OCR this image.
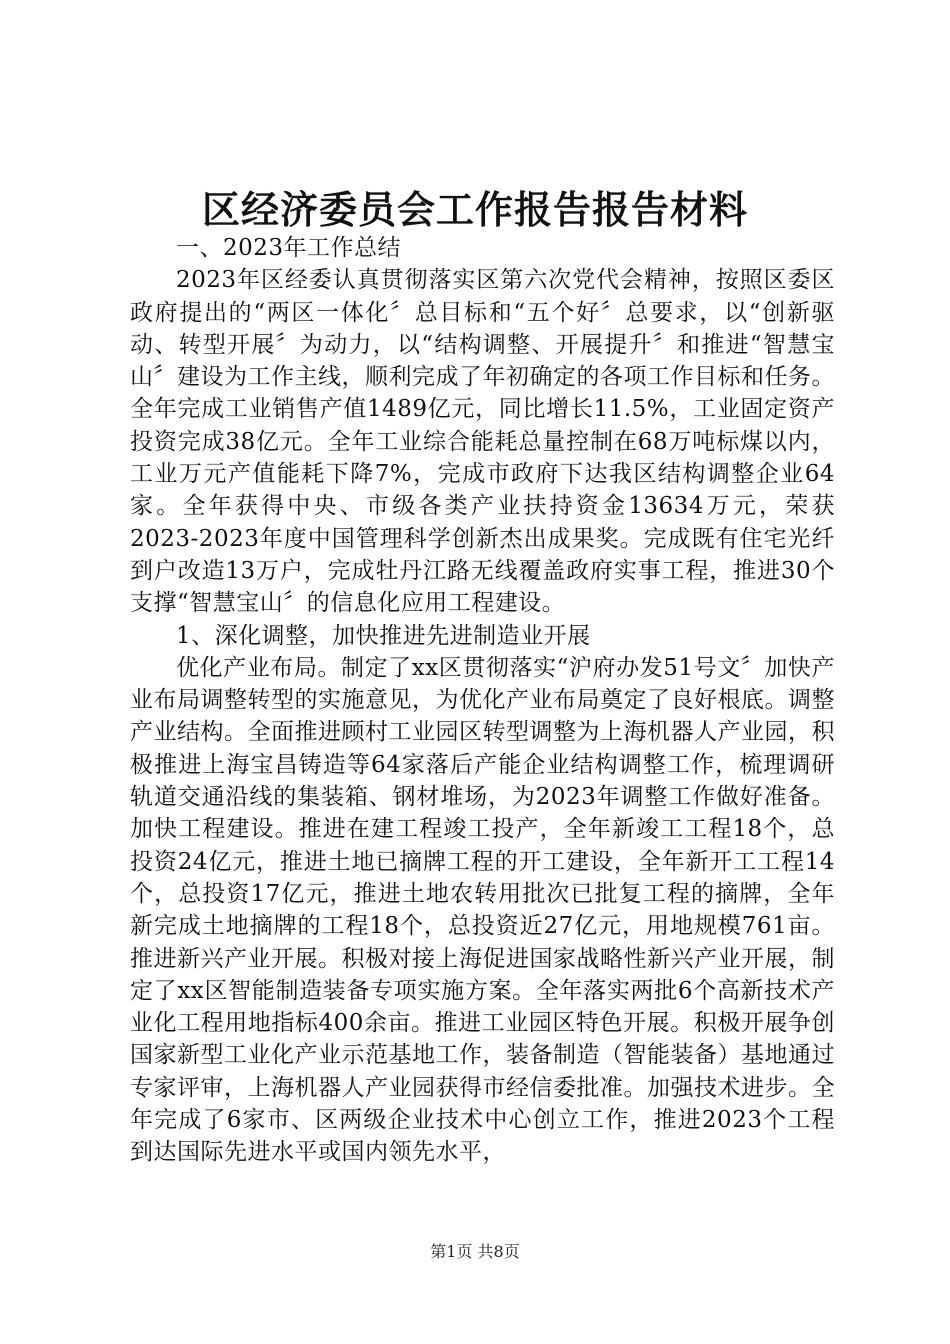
区经济委员会工作报告报告材料

一、2023年工作总结

2023年区经委认真贯彻落实区第六次党代会精神，按照区委区政府提出的“两区一体化〞总目标和“五个好〞总要求，以“创新驱动、转型开展〞为动力，以“结构调整、开展提升〞和推进“智慧宝山〞建设为工作主线，顺利完成了年初确定的各项工作目标和任务。全年完成工业销售产值1489亿元，同比增长11.5%，工业固定资产投资完成38亿元。全年工业综合能耗总量控制在68万吨标煤以内，工业万元产值能耗下降7%，完成市政府下达我区结构调整企业64家。全年获得中央、市级各类产业扶持资金13634万元，荣获2023-2023年度中国管理科学创新杰出成果奖。完成既有住宅光纤到户改造13万户，完成牡丹江路无线覆盖政府实事工程，推进30个支撑“智慧宝山〞的信息化应用工程建设。

1、深化调整，加快推进先进制造业开展

优化产业布局。制定了xx区贯彻落实“沪府办发51号文〞加快产业布局调整转型的实施意见，为优化产业布局奠定了良好根底。调整产业结构。全面推进顾村工业园区转型调整为上海机器人产业园，积极推进上海宝昌铸造等64家落后产能企业结构调整工作，梳理调研轨道交通沿线的集装箱、钢材堆场，为2023年调整工作做好准备。加快工程建设。推进在建工程竣工投产，全年新竣工工程18个，总投资24亿元，推进土地已摘牌工程的开工建设，全年新开工工程14个，总投资17亿元，推进土地农转用批次已批复工程的摘牌，全年新完成土地摘牌的工程18个，总投资近27亿元，用地规模761亩。推进新兴产业开展。积极对接上海促进国家战略性新兴产业开展，制定了xx区智能制造装备专项实施方案。全年落实两批6个高新技术产业化工程用地指标400余亩。推进工业园区特色开展。积极开展争创国家新型工业化产业示范基地工作，装备制造（智能装备）基地通过专家评审，上海机器人产业园获得市经信委批准。加强技术进步。全年完成了6家市、区两级企业技术中心创立工作，推进2023个工程到达国际先进水平或国内领先水平，

第1页 共8页
